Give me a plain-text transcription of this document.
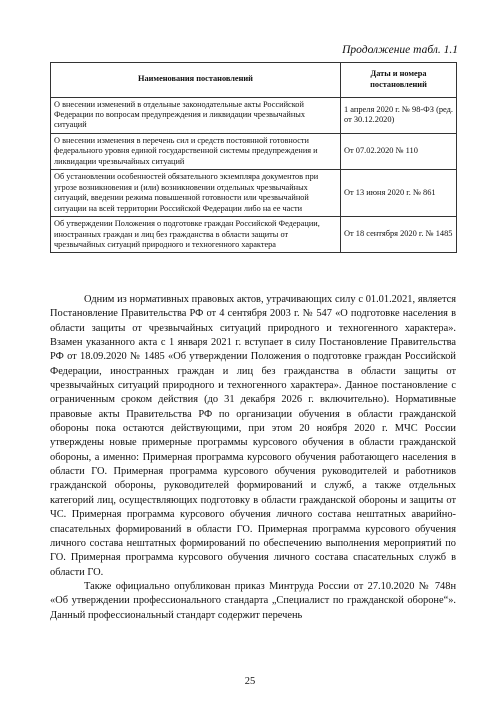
Продолжение табл. 1.1
Наименования постановлений	Даты и номера постановлений
О внесении изменений в отдельные законодательные акты Российской Федерации по вопросам предупреждения и ликвидации чрезвычайных ситуаций	1 апреля 2020 г. № 98-ФЗ (ред. от 30.12.2020)
О внесении изменения в перечень сил и средств постоянной готовности федерального уровня единой государственной системы предупреждения и ликвидации чрезвычайных ситуаций	От 07.02.2020 № 110
Об установлении особенностей обязательного экземпляра документов при угрозе возникновения и (или) возникновении отдельных чрезвычайных ситуаций, введении режима повышенной готовности или чрезвычайной ситуации на всей территории Российской Федерации либо на ее части	От 13 июня 2020 г. № 861
Об утверждении Положения о подготовке граждан Российской Федерации, иностранных граждан и лиц без гражданства в области защиты от чрезвычайных ситуаций природного и техногенного характера	От 18 сентября 2020 г. № 1485

Одним из нормативных правовых актов, утрачивающих силу с 01.01.2021, является Постановление Правительства РФ от 4 сентября 2003 г. № 547 «О подготовке населения в области защиты от чрезвычайных ситуаций природного и техногенного характера». Взамен указанного акта с 1 января 2021 г. вступает в силу Постановление Правительства РФ от 18.09.2020 № 1485 «Об утверждении Положения о подготовке граждан Российской Федерации, иностранных граждан и лиц без гражданства в области защиты от чрезвычайных ситуаций природного и техногенного характера». Данное постановление с ограниченным сроком действия (до 31 декабря 2026 г. включительно). Нормативные правовые акты Правительства РФ по организации обучения в области гражданской обороны пока остаются действующими, при этом 20 ноября 2020 г. МЧС России утверждены новые примерные программы курсового обучения в области гражданской обороны, а именно: Примерная программа курсового обучения работающего населения в области ГО. Примерная программа курсового обучения руководителей и работников гражданской обороны, руководителей формирований и служб, а также отдельных категорий лиц, осуществляющих подготовку в области гражданской обороны и защиты от ЧС. Примерная программа курсового обучения личного состава нештатных аварийно-спасательных формирований в области ГО. Примерная программа курсового обучения личного состава нештатных формирований по обеспечению выполнения мероприятий по ГО. Примерная программа курсового обучения личного состава спасательных служб в области ГО.

Также официально опубликован приказ Минтруда России от 27.10.2020 № 748н «Об утверждении профессионального стандарта „Специалист по гражданской обороне“». Данный профессиональный стандарт содержит перечень

25
